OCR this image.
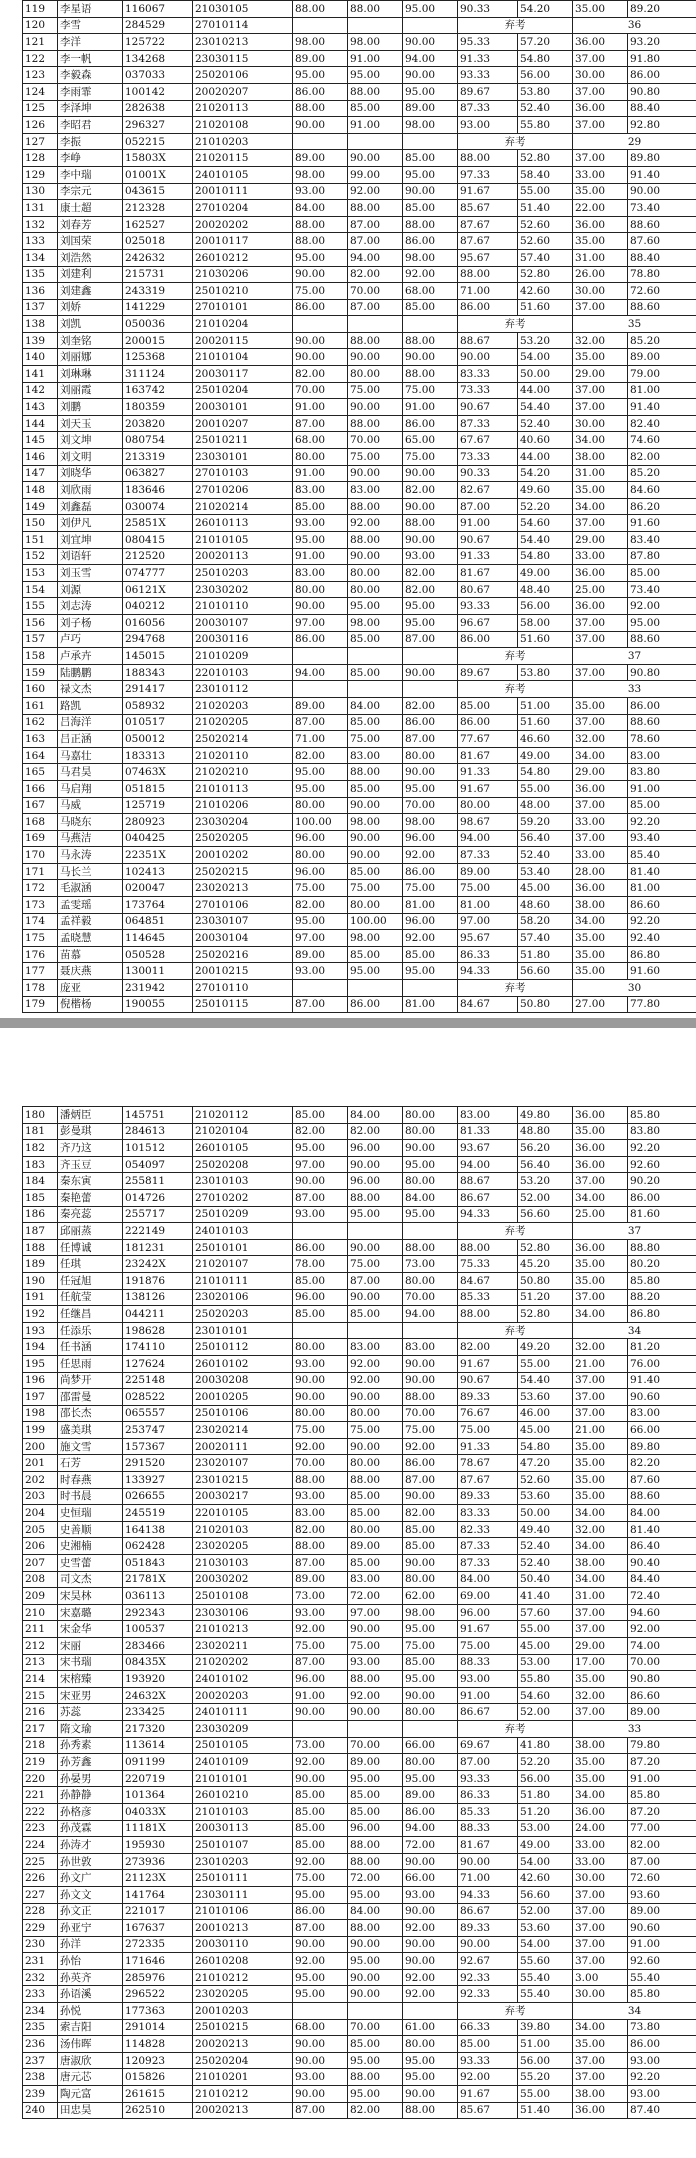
119	李星语	116067	21030105	88.00	88.00	95.00	90.33	54.20	35.00	89.20
120	李雪	284529	27010114				弃考		36	
121	李洋	125722	23010213	98.00	98.00	90.00	95.33	57.20	36.00	93.20
122	李一帆	134268	23030115	89.00	91.00	94.00	91.33	54.80	37.00	91.80
123	李毅森	037033	25020106	95.00	95.00	90.00	93.33	56.00	30.00	86.00
124	李雨霏	100142	20020207	86.00	88.00	95.00	89.67	53.80	37.00	90.80
125	李泽坤	282638	21020113	88.00	85.00	89.00	87.33	52.40	36.00	88.40
126	李昭君	296327	21020108	90.00	91.00	98.00	93.00	55.80	37.00	92.80
127	李振	052215	21010203				弃考		29	
128	李峥	15803X	21020115	89.00	90.00	85.00	88.00	52.80	37.00	89.80
129	李中瑞	01001X	24010105	98.00	99.00	95.00	97.33	58.40	33.00	91.40
130	李宗元	043615	20010111	93.00	92.00	90.00	91.67	55.00	35.00	90.00
131	康士超	212328	27010204	84.00	88.00	85.00	85.67	51.40	22.00	73.40
132	刘春芳	162527	20020202	88.00	87.00	88.00	87.67	52.60	36.00	88.60
133	刘国荣	025018	20010117	88.00	87.00	86.00	87.67	52.60	35.00	87.60
134	刘浩然	242632	26010212	95.00	94.00	98.00	95.67	57.40	31.00	88.40
135	刘建利	215731	21030206	90.00	82.00	92.00	88.00	52.80	26.00	78.80
136	刘建鑫	243319	25010210	75.00	70.00	68.00	71.00	42.60	30.00	72.60
137	刘娇	141229	27010101	86.00	87.00	85.00	86.00	51.60	37.00	88.60
138	刘凯	050036	21010204				弃考		35	
139	刘奎铭	200015	20020115	90.00	88.00	88.00	88.67	53.20	32.00	85.20
140	刘丽娜	125368	21010104	90.00	90.00	90.00	90.00	54.00	35.00	89.00
141	刘琳琳	311124	20030117	82.00	80.00	88.00	83.33	50.00	29.00	79.00
142	刘丽霞	163742	25010204	70.00	75.00	75.00	73.33	44.00	37.00	81.00
143	刘鹏	180359	20030101	91.00	90.00	91.00	90.67	54.40	37.00	91.40
144	刘天玉	203820	20010207	87.00	88.00	86.00	87.33	52.40	30.00	82.40
145	刘文坤	080754	25010211	68.00	70.00	65.00	67.67	40.60	34.00	74.60
146	刘文明	213319	23030101	80.00	75.00	75.00	73.33	44.00	38.00	82.00
147	刘晓华	063827	27010103	91.00	90.00	90.00	90.33	54.20	31.00	85.20
148	刘欣雨	183646	27010206	83.00	83.00	82.00	82.67	49.60	35.00	84.60
149	刘鑫磊	030074	21020214	85.00	88.00	90.00	87.00	52.20	34.00	86.20
150	刘伊凡	25851X	26010113	93.00	92.00	88.00	91.00	54.60	37.00	91.60
151	刘宜坤	080415	21010105	95.00	88.00	90.00	90.67	54.40	29.00	83.40
152	刘语轩	212520	20020113	91.00	90.00	93.00	91.33	54.80	33.00	87.80
153	刘玉雪	074777	25010203	83.00	80.00	82.00	81.67	49.00	36.00	85.00
154	刘源	06121X	23030202	80.00	80.00	82.00	80.67	48.40	25.00	73.40
155	刘志涛	040212	21010110	90.00	95.00	95.00	93.33	56.00	36.00	92.00
156	刘子杨	016056	20030107	97.00	98.00	95.00	96.67	58.00	37.00	95.00
157	卢巧	294768	20030116	86.00	85.00	87.00	86.00	51.60	37.00	88.60
158	卢承卉	145015	21010209				弃考		37	
159	陆鹏鹏	188343	22010103	94.00	85.00	90.00	89.67	53.80	37.00	90.80
160	禄文杰	291417	23010112				弃考		33	
161	路凯	058932	21020203	89.00	84.00	82.00	85.00	51.00	35.00	86.00
162	吕海洋	010517	21020205	87.00	85.00	86.00	86.00	51.60	37.00	88.60
163	吕正涵	050012	25020214	71.00	75.00	87.00	77.67	46.60	32.00	78.60
164	马嘉壮	183313	21020110	82.00	83.00	80.00	81.67	49.00	34.00	83.00
165	马君昊	07463X	21020210	95.00	88.00	90.00	91.33	54.80	29.00	83.80
166	马启翔	051815	21010113	95.00	85.00	95.00	91.67	55.00	36.00	91.00
167	马威	125719	21010206	80.00	90.00	70.00	80.00	48.00	37.00	85.00
168	马晓东	280923	23030204	100.00	98.00	98.00	98.67	59.20	33.00	92.20
169	马燕洁	040425	25020205	96.00	90.00	96.00	94.00	56.40	37.00	93.40
170	马永涛	22351X	20010202	80.00	90.00	92.00	87.33	52.40	33.00	85.40
171	马长兰	102413	25020215	96.00	85.00	86.00	89.00	53.40	28.00	81.40
172	毛淑涵	020047	23020213	75.00	75.00	75.00	75.00	45.00	36.00	81.00
173	孟雯瑶	173764	27010106	82.00	80.00	81.00	81.00	48.60	38.00	86.60
174	孟祥毅	064851	23030107	95.00	100.00	96.00	97.00	58.20	34.00	92.20
175	孟晓慧	114645	20030104	97.00	98.00	92.00	95.67	57.40	35.00	92.40
176	苗慕	050528	25020216	89.00	85.00	85.00	86.33	51.80	35.00	86.80
177	聂庆燕	130011	20010215	93.00	95.00	95.00	94.33	56.60	35.00	91.60
178	庞亚	231942	27010110				弃考		30	
179	倪楷杨	190055	25010115	87.00	86.00	81.00	84.67	50.80	27.00	77.80
180	潘炳臣	145751	21020112	85.00	84.00	80.00	83.00	49.80	36.00	85.80
181	彭曼琪	284613	21020104	82.00	82.00	80.00	81.33	48.80	35.00	83.80
182	齐乃这	101512	26010105	95.00	96.00	90.00	93.67	56.20	36.00	92.20
183	齐玉豆	054097	25020208	97.00	90.00	95.00	94.00	56.40	36.00	92.60
184	秦东寅	255811	23010103	90.00	96.00	80.00	88.67	53.20	37.00	90.20
185	秦艳蕾	014726	27010202	87.00	88.00	84.00	86.67	52.00	34.00	86.00
186	秦亮蕊	255717	25010209	93.00	95.00	95.00	94.33	56.60	25.00	81.60
187	邱丽蒸	222149	24010103				弃考		37	
188	任博诚	181231	25010101	86.00	90.00	88.00	88.00	52.80	36.00	88.80
189	任琪	23242X	21020107	78.00	75.00	73.00	75.33	45.20	35.00	80.20
190	任冠旭	191876	21010111	85.00	87.00	80.00	84.67	50.80	35.00	85.80
191	任航莹	138126	23020106	96.00	90.00	70.00	85.33	51.20	37.00	88.20
192	任继昌	044211	25020203	85.00	85.00	94.00	88.00	52.80	34.00	86.80
193	任添乐	198628	23010101				弃考		34	
194	任书涵	174110	25010112	80.00	83.00	83.00	82.00	49.20	32.00	81.20
195	任思雨	127624	26010102	93.00	92.00	90.00	91.67	55.00	21.00	76.00
196	尚梦开	225148	20030208	90.00	92.00	90.00	90.67	54.40	37.00	91.40
197	邵雷曼	028522	20010205	90.00	90.00	88.00	89.33	53.60	37.00	90.60
198	邵长杰	065557	25010106	80.00	80.00	70.00	76.67	46.00	37.00	83.00
199	盛美琪	253747	23020214	75.00	75.00	75.00	75.00	45.00	21.00	66.00
200	施文雪	157367	20020111	92.00	90.00	92.00	91.33	54.80	35.00	89.80
201	石芳	291520	23020107	70.00	80.00	86.00	78.67	47.20	35.00	82.20
202	时春燕	133927	23010215	88.00	88.00	87.00	87.67	52.60	35.00	87.60
203	时书晨	026655	20030217	93.00	85.00	90.00	89.33	53.60	35.00	88.60
204	史恒瑞	245519	22010105	83.00	85.00	82.00	83.33	50.00	34.00	84.00
205	史善顺	164138	21020103	82.00	80.00	85.00	82.33	49.40	32.00	81.40
206	史湘楠	062428	23020205	88.00	89.00	85.00	87.33	52.40	34.00	86.40
207	史雪蕾	051843	21030103	87.00	85.00	90.00	87.33	52.40	38.00	90.40
208	司文杰	21781X	20030202	89.00	83.00	80.00	84.00	50.40	34.00	84.40
209	宋昊林	036113	25010108	73.00	72.00	62.00	69.00	41.40	31.00	72.40
210	宋嘉璐	292343	23030106	93.00	97.00	98.00	96.00	57.60	37.00	94.60
211	宋金华	100537	21010213	92.00	90.00	95.00	91.67	55.00	37.00	92.00
212	宋丽	283466	23020211	75.00	75.00	75.00	75.00	45.00	29.00	74.00
213	宋书瑞	08435X	21020202	87.00	93.00	85.00	88.33	53.00	17.00	70.00
214	宋榕臻	193920	24010102	96.00	88.00	95.00	93.00	55.80	35.00	90.80
215	宋亚男	24632X	20020203	91.00	92.00	90.00	91.00	54.60	32.00	86.60
216	苏蕊	233425	24010111	90.00	90.00	80.00	86.67	52.00	37.00	89.00
217	隋文瑜	217320	23030209				弃考		33	
218	孙秀素	113614	25010105	73.00	70.00	66.00	69.67	41.80	38.00	79.80
219	孙芳鑫	091199	24010109	92.00	89.00	80.00	87.00	52.20	35.00	87.20
220	孙晏男	220719	21010101	90.00	95.00	95.00	93.33	56.00	35.00	91.00
221	孙静静	101364	26010210	85.00	85.00	89.00	86.33	51.80	34.00	85.80
222	孙格彦	04033X	21010103	85.00	85.00	86.00	85.33	51.20	36.00	87.20
223	孙茂霖	11181X	20030113	85.00	96.00	94.00	88.33	53.00	24.00	77.00
224	孙涛才	195930	25010107	85.00	88.00	72.00	81.67	49.00	33.00	82.00
225	孙世敦	273936	23010203	92.00	88.00	90.00	90.00	54.00	33.00	87.00
226	孙文广	21123X	25010111	75.00	72.00	66.00	71.00	42.60	30.00	72.60
227	孙文文	141764	23030111	95.00	95.00	93.00	94.33	56.60	37.00	93.60
228	孙文正	221017	21010106	86.00	84.00	90.00	86.67	52.00	37.00	89.00
229	孙亚宁	167637	20010213	87.00	88.00	92.00	89.33	53.60	37.00	90.60
230	孙洋	272335	20030110	90.00	90.00	90.00	90.00	54.00	37.00	91.00
231	孙怡	171646	26010208	92.00	95.00	90.00	92.67	55.60	37.00	92.60
232	孙英齐	285976	21010212	95.00	90.00	92.00	92.33	55.40	3.00	55.40
233	孙语溪	296522	23020205	95.00	90.00	92.00	92.33	55.40	30.00	85.80
234	孙悦	177363	20010203				弃考		34	
235	索吉阳	291014	25010215	68.00	70.00	61.00	66.33	39.80	34.00	73.80
236	汤伟晖	114828	20020213	90.00	85.00	80.00	85.00	51.00	35.00	86.00
237	唐淑欣	120923	25020204	90.00	95.00	95.00	93.33	56.00	37.00	93.00
238	唐元芯	015826	21010201	93.00	88.00	95.00	92.00	55.20	37.00	92.20
239	陶元富	261615	21010212	90.00	95.00	90.00	91.67	55.00	38.00	93.00
240	田忠昊	262510	20020213	87.00	82.00	88.00	85.67	51.40	36.00	87.40
